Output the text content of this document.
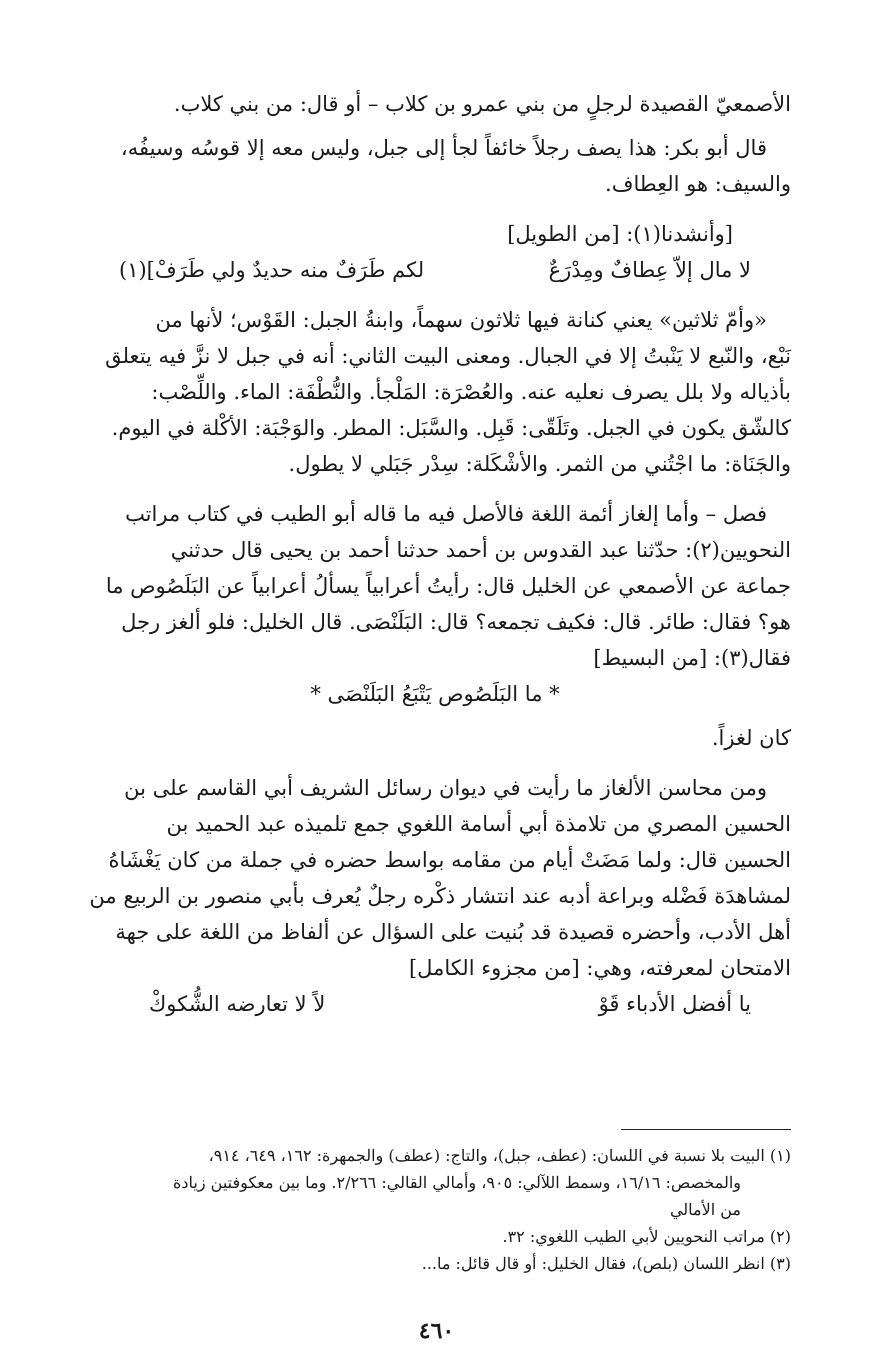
الأصمعيّ القصيدة لرجلٍ من بني عمرو بن كلاب – أو قال: من بني كلاب.

قال أبو بكر: هذا يصف رجلاً خائفاً لجأ إلى جبل، وليس معه إلا قوسُه وسيفُه،

والسيف: هو العِطاف.

[وأنشدنا(١): [من الطويل]

لا مال إلاّ عِطافٌ ومِدْرَعٌ
لكم طَرَفٌ منه حديدٌ ولي طَرَفْ](١)

«وأمّ ثلاثين» يعني كنانة فيها ثلاثون سهماً، وابنةُ الجبل: القَوْس؛ لأنها من

نَبْع، والنّبع لا يَنْبتُ إلا في الجبال. ومعنى البيت الثاني: أنه في جبل لا نزَّ فيه يتعلق

بأذياله ولا بلل يصرف نعليه عنه. والعُصْرَة: المَلْجأ. والنُّطْفَة: الماء. واللِّصْب:

كالشّق يكون في الجبل. وتَلَقّى: قَبِل. والسَّبَل: المطر. والوَجْبَة: الأكْلة في اليوم.

والجَنَاة: ما اجْتُني من الثمر. والأشْكَلة: سِدْر جَبَلي لا يطول.

فصل – وأما إلغاز أئمة اللغة فالأصل فيه ما قاله أبو الطيب في كتاب مراتب

النحويين(٢): حدّثنا عبد القدوس بن أحمد حدثنا أحمد بن يحيى قال حدثني

جماعة عن الأصمعي عن الخليل قال: رأيتُ أعرابياً يسألُ أعرابياً عن البَلَصُوص ما

هو؟ فقال: طائر. قال: فكيف تجمعه؟ قال: البَلَنْصَى. قال الخليل: فلو ألغز رجل

فقال(٣): [من البسيط]

* ما البَلَصُوص يَتْبَعُ البَلَنْصَى *

كان لغزاً.

ومن محاسن الألغاز ما رأيت في ديوان رسائل الشريف أبي القاسم على بن

الحسين المصري من تلامذة أبي أسامة اللغوي جمع تلميذه عبد الحميد بن

الحسين قال: ولما مَضَتْ أيام من مقامه بواسط حضره في جملة من كان يَغْشَاهُ

لمشاهدَة فَضْله وبراعة أدبه عند انتشار ذكْره رجلٌ يُعرف بأبي منصور بن الربيع من

أهل الأدب، وأحضره قصيدة قد بُنيت على السؤال عن ألفاظ من اللغة على جهة

الامتحان لمعرفته، وهي: [من مجزوء الكامل]

يا أفضل الأدباء قَوْ
لاً لا تعارضه الشُّكوكْ

(١) البيت بلا نسبة في اللسان: (عطف، جبل)، والتاج: (عطف) والجمهرة: ١٦٢، ٦٤٩، ٩١٤،

والمخصص: ١٦/١٦، وسمط اللآلي: ٩٠٥، وأمالي القالي: ٢/٢٦٦. وما بين معكوفتين زيادة

من الأمالي

(٢) مراتب النحويين لأبي الطيب اللغوي: ٣٢.

(٣) انظر اللسان (بلص)، فقال الخليل: أو قال قائل: ما...

٤٦٠
